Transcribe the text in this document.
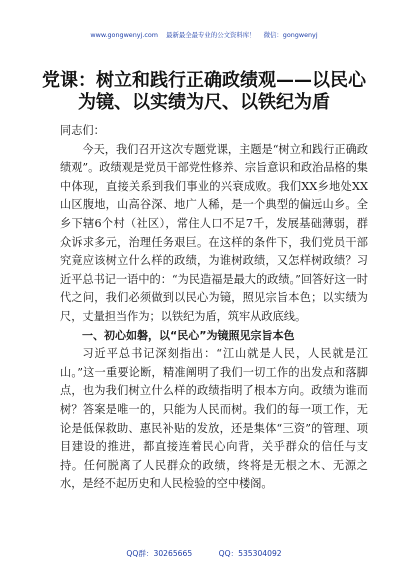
www.gongwenyj.com 最新最全最专业的公文资料库！ 微信：gongwenyj
党课：树立和践行正确政绩观——以民心
为镜、以实绩为尺、以铁纪为盾

同志们：

今天，我们召开这次专题党课，主题是“树立和践行正确政绩观”。政绩观是党员干部党性修养、宗旨意识和政治品格的集中体现，直接关系到我们事业的兴衰成败。我们XX乡地处XX山区腹地，山高谷深、地广人稀，是一个典型的偏远山乡。全乡下辖6个村（社区），常住人口不足7千，发展基础薄弱，群众诉求多元，治理任务艰巨。在这样的条件下，我们党员干部究竟应该树立什么样的政绩，为谁树政绩，又怎样树政绩？习近平总书记一语中的：“为民造福是最大的政绩。”回答好这一时代之问，我们必须做到以民心为镜，照见宗旨本色；以实绩为尺，丈量担当作为；以铁纪为盾，筑牢从政底线。

一、初心如磐，以“民心”为镜照见宗旨本色

习近平总书记深刻指出：“江山就是人民，人民就是江山。”这一重要论断，精准阐明了我们一切工作的出发点和落脚点，也为我们树立什么样的政绩指明了根本方向。政绩为谁而树？答案是唯一的，只能为人民而树。我们的每一项工作，无论是低保救助、惠民补贴的发放，还是集体“三资”的管理、项目建设的推进，都直接连着民心向背，关乎群众的信任与支持。任何脱离了人民群众的政绩，终将是无根之木、无源之水，是经不起历史和人民检验的空中楼阁。

QQ群：30265665	QQ：535304092
